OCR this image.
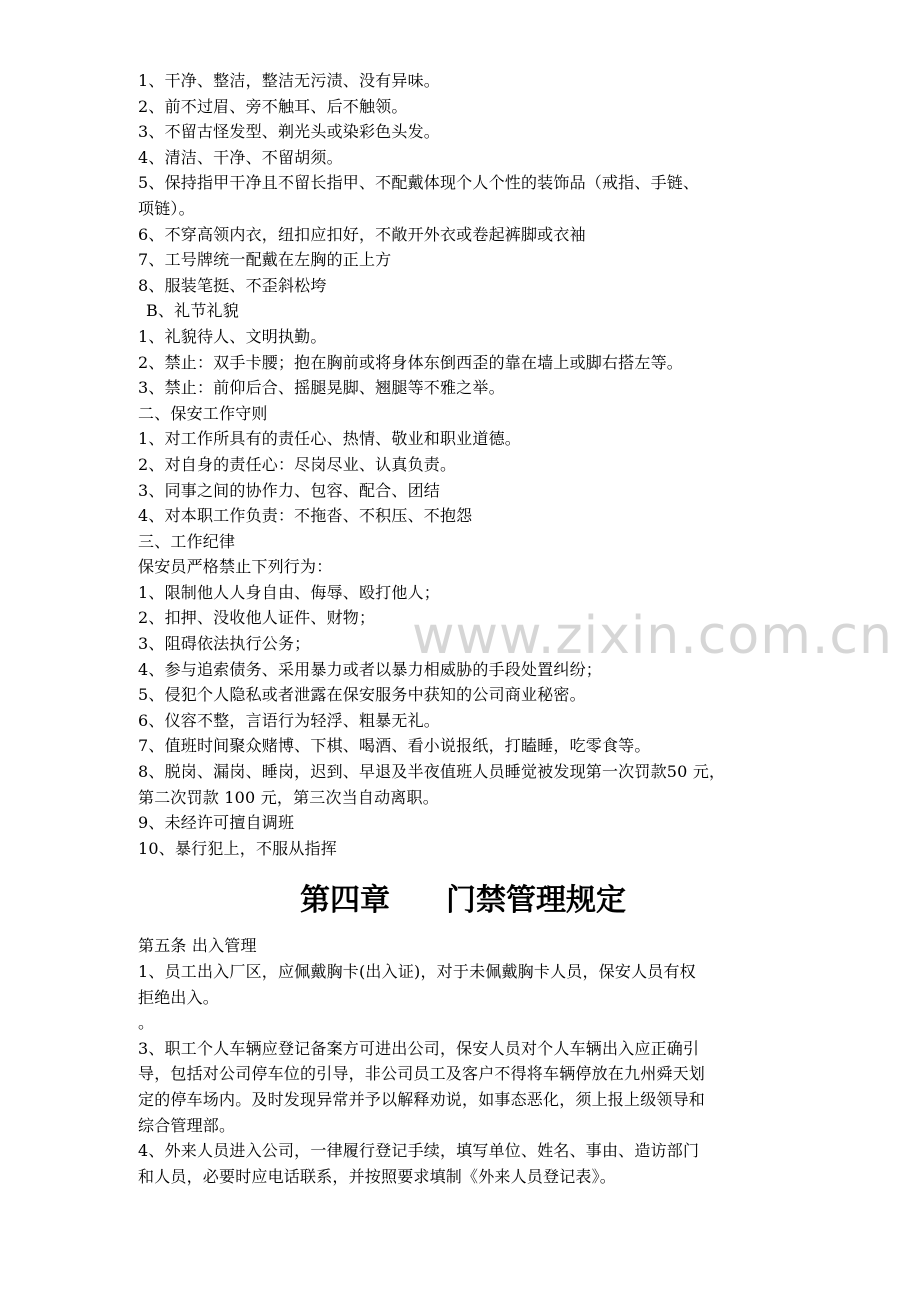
1、干净、整洁，整洁无污渍、没有异味。
2、前不过眉、旁不触耳、后不触领。
3、不留古怪发型、剃光头或染彩色头发。
4、清洁、干净、不留胡须。
5、保持指甲干净且不留长指甲、不配戴体现个人个性的装饰品（戒指、手链、
项链）。
6、不穿高领内衣，纽扣应扣好，不敞开外衣或卷起裤脚或衣袖
7、工号牌统一配戴在左胸的正上方
8、服装笔挺、不歪斜松垮
B、礼节礼貌
1、礼貌待人、文明执勤。
2、禁止：双手卡腰；抱在胸前或将身体东倒西歪的靠在墙上或脚右搭左等。
3、禁止：前仰后合、摇腿晃脚、翘腿等不雅之举。
二、保安工作守则
1、对工作所具有的责任心、热情、敬业和职业道德。
2、对自身的责任心：尽岗尽业、认真负责。
3、同事之间的协作力、包容、配合、团结
4、对本职工作负责：不拖沓、不积压、不抱怨
三、工作纪律
保安员严格禁止下列行为：
1、限制他人人身自由、侮辱、殴打他人；
2、扣押、没收他人证件、财物；
3、阻碍依法执行公务；
4、参与追索债务、采用暴力或者以暴力相威胁的手段处置纠纷；
5、侵犯个人隐私或者泄露在保安服务中获知的公司商业秘密。
6、仪容不整，言语行为轻浮、粗暴无礼。
7、值班时间聚众赌博、下棋、喝酒、看小说报纸，打瞌睡，吃零食等。
8、脱岗、漏岗、睡岗，迟到、早退及半夜值班人员睡觉被发现第一次罚款50 元，
第二次罚款 100 元，第三次当自动离职。
9、未经许可擅自调班
10、暴行犯上，不服从指挥
第四章 门禁管理规定
第五条 出入管理
1、员工出入厂区，应佩戴胸卡(出入证)，对于未佩戴胸卡人员，保安人员有权
拒绝出入。
。
3、职工个人车辆应登记备案方可进出公司，保安人员对个人车辆出入应正确引
导，包括对公司停车位的引导，非公司员工及客户不得将车辆停放在九州舜天划
定的停车场内。及时发现异常并予以解释劝说，如事态恶化，须上报上级领导和
综合管理部。
4、外来人员进入公司，一律履行登记手续，填写单位、姓名、事由、造访部门
和人员，必要时应电话联系，并按照要求填制《外来人员登记表》。
www.zixin.com.cn
